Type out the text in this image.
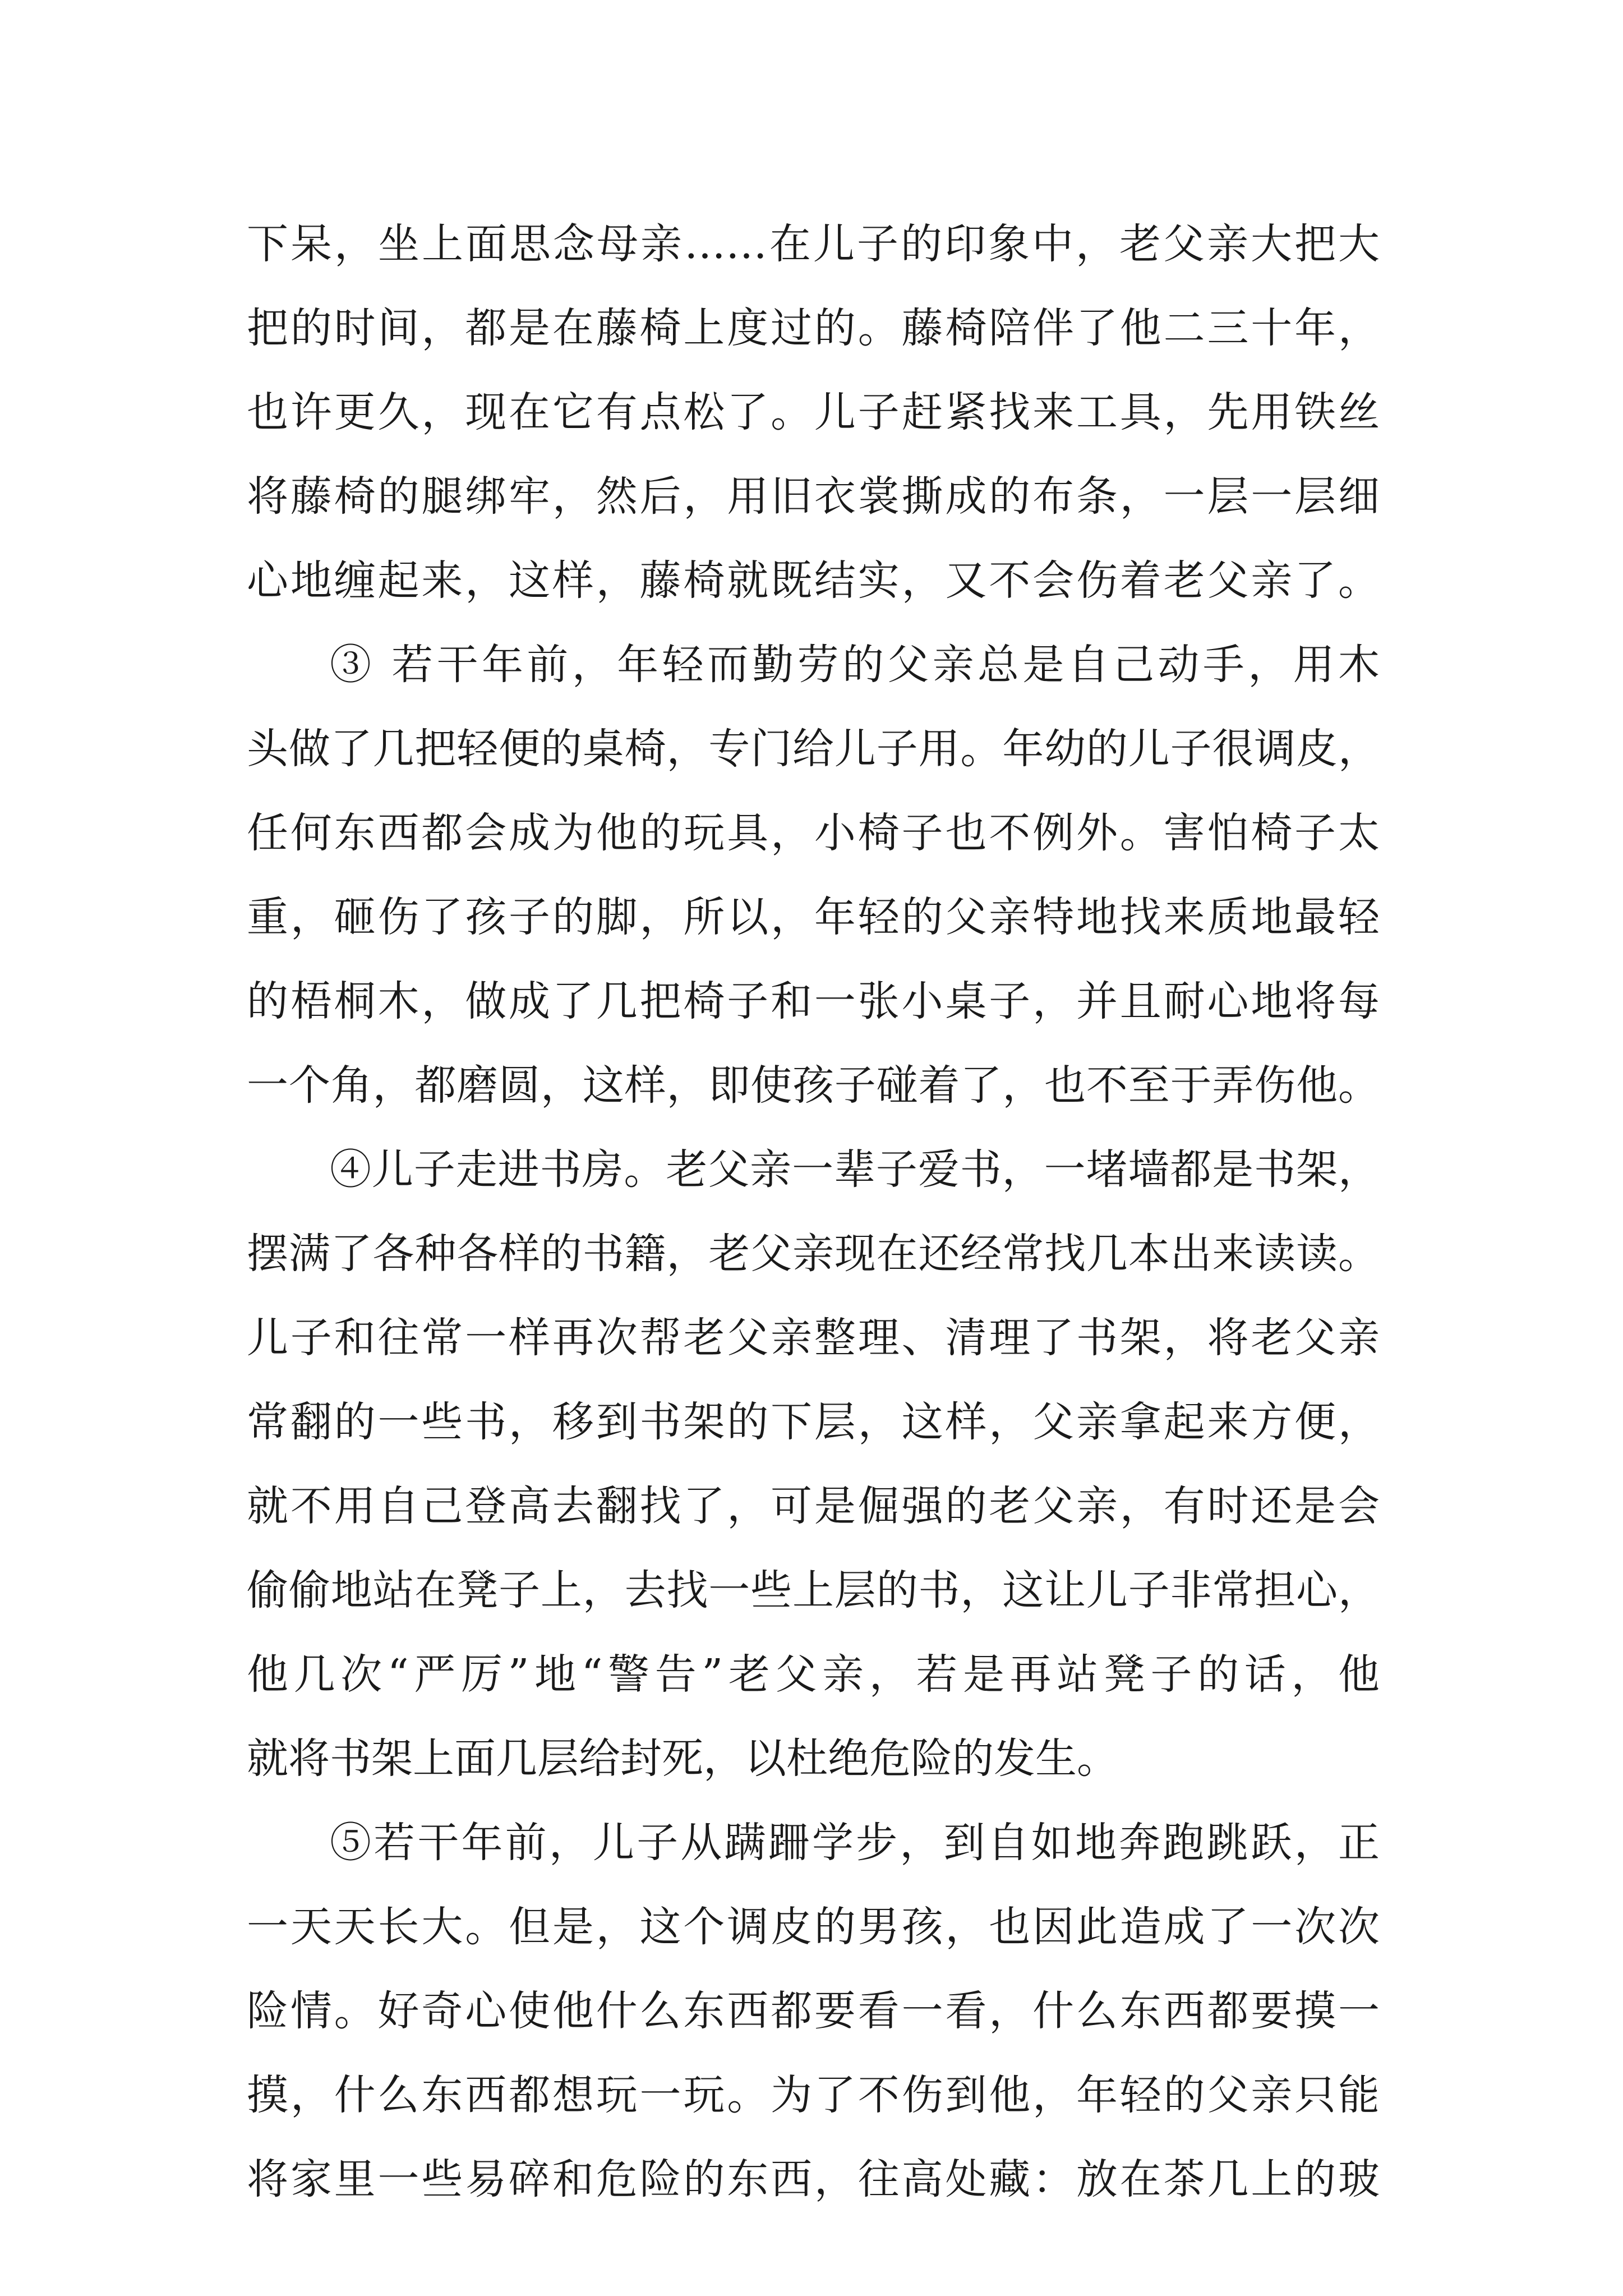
下呆，坐上面思念母亲……在儿子的印象中，老父亲大把大
把的时间，都是在藤椅上度过的。藤椅陪伴了他二三十年，
也许更久，现在它有点松了。儿子赶紧找来工具，先用铁丝
将藤椅的腿绑牢，然后，用旧衣裳撕成的布条，一层一层细
心地缠起来，这样，藤椅就既结实，又不会伤着老父亲了。
③ 若干年前，年轻而勤劳的父亲总是自己动手，用木
头做了几把轻便的桌椅，专门给儿子用。年幼的儿子很调皮，
任何东西都会成为他的玩具，小椅子也不例外。害怕椅子太
重，砸伤了孩子的脚，所以，年轻的父亲特地找来质地最轻
的梧桐木，做成了几把椅子和一张小桌子，并且耐心地将每
一个角，都磨圆，这样，即使孩子碰着了，也不至于弄伤他。
④儿子走进书房。老父亲一辈子爱书，一堵墙都是书架，
摆满了各种各样的书籍，老父亲现在还经常找几本出来读读。
儿子和往常一样再次帮老父亲整理、清理了书架，将老父亲
常翻的一些书，移到书架的下层，这样，父亲拿起来方便，
就不用自己登高去翻找了，可是倔强的老父亲，有时还是会
偷偷地站在凳子上，去找一些上层的书，这让儿子非常担心，
他几次“严厉”地“警告”老父亲，若是再站凳子的话，他
就将书架上面几层给封死，以杜绝危险的发生。
⑤若干年前，儿子从蹒跚学步，到自如地奔跑跳跃，正
一天天长大。但是，这个调皮的男孩，也因此造成了一次次
险情。好奇心使他什么东西都要看一看，什么东西都要摸一
摸，什么东西都想玩一玩。为了不伤到他，年轻的父亲只能
将家里一些易碎和危险的东西，往高处藏：放在茶几上的玻
